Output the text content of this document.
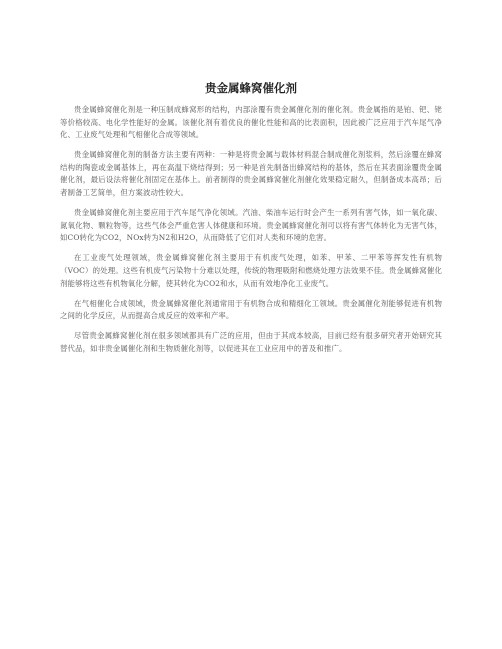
贵金属蜂窝催化剂

贵金属蜂窝催化剂是一种压制成蜂窝形的结构，内部涂覆有贵金属催化剂的催化剂。贵金属指的是铂、钯、铑等价格较高、电化学性能好的金属。该催化剂有着优良的催化性能和高的比表面积，因此被广泛应用于汽车尾气净化、工业废气处理和气相催化合成等领域。

贵金属蜂窝催化剂的制备方法主要有两种：一种是将贵金属与载体材料混合制成催化剂浆料，然后涂覆在蜂窝结构的陶瓷或金属基体上，再在高温下烧结得到；另一种是首先制备出蜂窝结构的基体，然后在其表面涂覆贵金属催化剂，最后设法将催化剂固定在基体上。前者制得的贵金属蜂窝催化剂催化效果稳定耐久，但制备成本高昂；后者制备工艺简单，但方案波动性较大。

贵金属蜂窝催化剂主要应用于汽车尾气净化领域。汽油、柴油车运行时会产生一系列有害气体，如一氧化碳、氮氧化物、颗粒物等，这些气体会严重危害人体健康和环境。贵金属蜂窝催化剂可以将有害气体转化为无害气体，如CO转化为CO2，NOx转为N2和H2O，从而降低了它们对人类和环境的危害。

在工业废气处理领域，贵金属蜂窝催化剂主要用于有机废气处理，如苯、甲苯、二甲苯等挥发性有机物（VOC）的处理。这些有机废气污染物十分难以处理，传统的物理吸附和燃烧处理方法效果不佳。贵金属蜂窝催化剂能够将这些有机物氧化分解，使其转化为CO2和水，从而有效地净化工业废气。

在气相催化合成领域，贵金属蜂窝催化剂通常用于有机物合成和精细化工领域。贵金属催化剂能够促进有机物之间的化学反应，从而提高合成反应的效率和产率。

尽管贵金属蜂窝催化剂在很多领域都具有广泛的应用，但由于其成本较高，目前已经有很多研究者开始研究其替代品，如非贵金属催化剂和生物质催化剂等，以促进其在工业应用中的普及和推广。
